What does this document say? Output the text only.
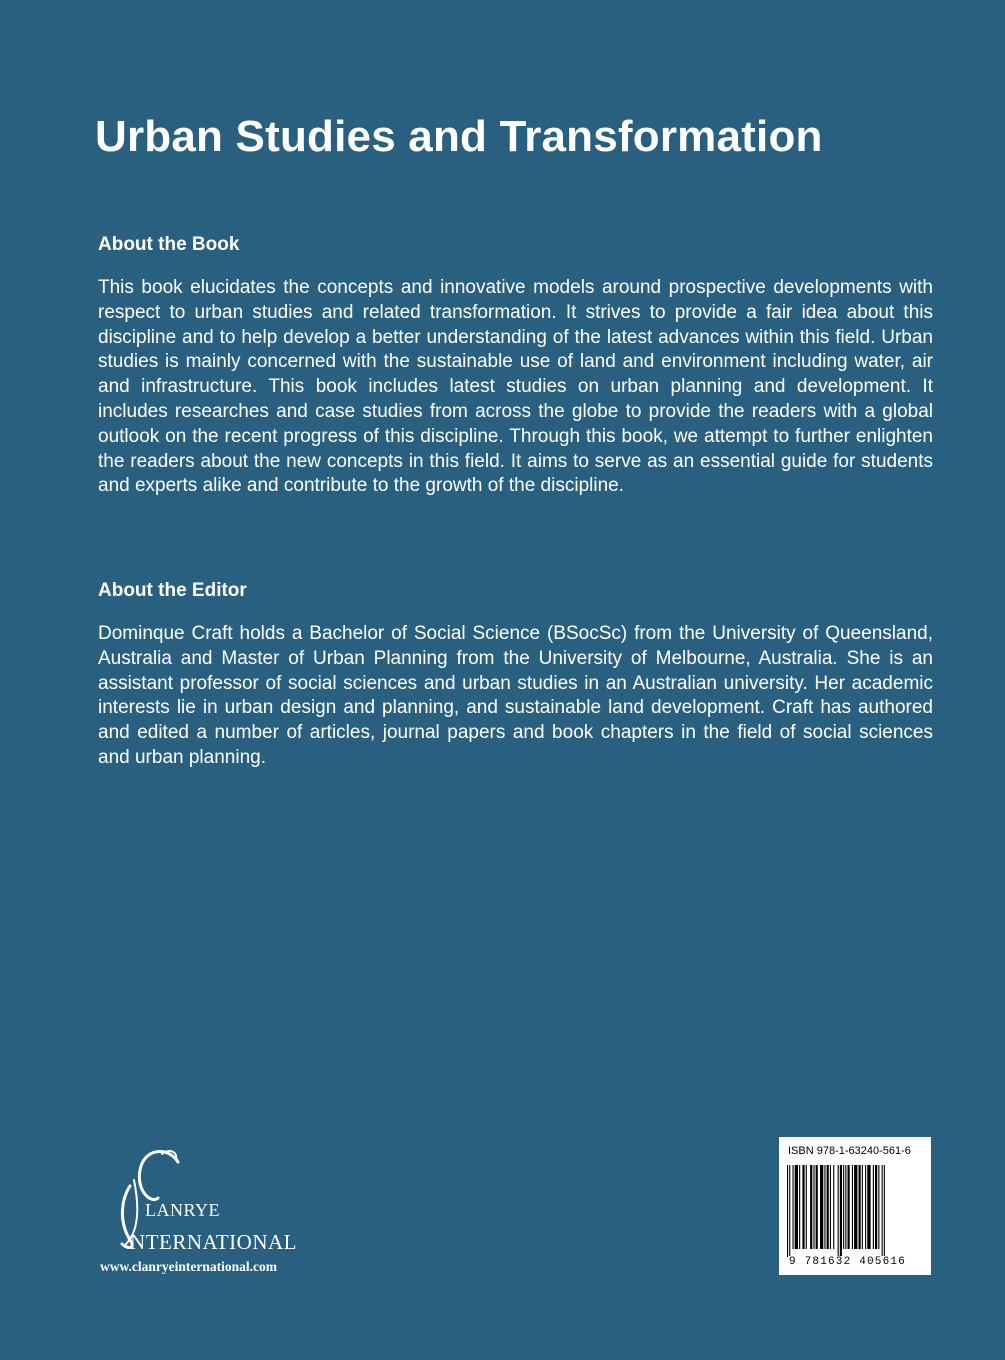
Urban Studies and Transformation
About the Book

This book elucidates the concepts and innovative models around prospective developments with respect to urban studies and related transformation. It strives to provide a fair idea about this discipline and to help develop a better understanding of the latest advances within this field. Urban studies is mainly concerned with the sustainable use of land and environment including water, air and infrastructure. This book includes latest studies on urban planning and development. It includes researches and case studies from across the globe to provide the readers with a global outlook on the recent progress of this discipline. Through this book, we attempt to further enlighten the readers about the new concepts in this field. It aims to serve as an essential guide for students and experts alike and contribute to the growth of the discipline.

About the Editor

Dominque Craft holds a Bachelor of Social Science (BSocSc) from the University of Queensland, Australia and Master of Urban Planning from the University of Melbourne, Australia. She is an assistant professor of social sciences and urban studies in an Australian university. Her academic interests lie in urban design and planning, and sustainable land development. Craft has authored and edited a number of articles, journal papers and book chapters in the field of social sciences and urban planning.

LANRYE
NTERNATIONAL
www.clanryeinternational.com
ISBN 978-1-63240-561-6
9 781632 405616
